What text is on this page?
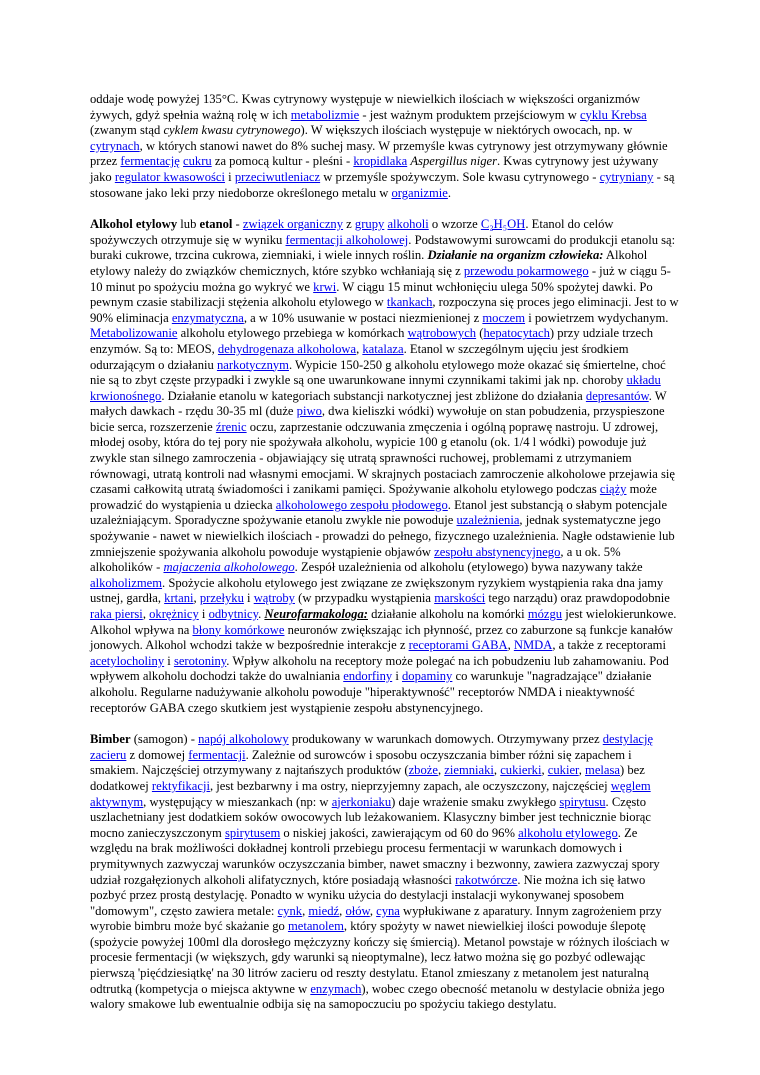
oddaje wodę powyżej 135°C. Kwas cytrynowy występuje w niewielkich ilościach w większości organizmów żywych, gdyż spełnia ważną rolę w ich metabolizmie - jest ważnym produktem przejściowym w cyklu Krebsa (zwanym stąd cyklem kwasu cytrynowego). W większych ilościach występuje w niektórych owocach, np. w cytrynach, w których stanowi nawet do 8% suchej masy. W przemyśle kwas cytrynowy jest otrzymywany głównie przez fermentację cukru za pomocą kultur - pleśni - kropidlaka Aspergillus niger. Kwas cytrynowy jest używany jako regulator kwasowości i przeciwutleniacz w przemyśle spożywczym. Sole kwasu cytrynowego - cytryniany - są stosowane jako leki przy niedoborze określonego metalu w organizmie.

Alkohol etylowy lub etanol - związek organiczny z grupy alkoholi o wzorze C₂H₅OH. Etanol do celów spożywczych otrzymuje się w wyniku fermentacji alkoholowej. Podstawowymi surowcami do produkcji etanolu są: buraki cukrowe, trzcina cukrowa, ziemniaki, i wiele innych roślin. Działanie na organizm człowieka: Alkohol etylowy należy do związków chemicznych, które szybko wchłaniają się z przewodu pokarmowego - już w ciągu 5-10 minut po spożyciu można go wykryć we krwi. W ciągu 15 minut wchłonięciu ulega 50% spożytej dawki. Po pewnym czasie stabilizacji stężenia alkoholu etylowego w tkankach, rozpoczyna się proces jego eliminacji. Jest to w 90% eliminacja enzymatyczna, a w 10% usuwanie w postaci niezmienionej z moczem i powietrzem wydychanym. Metabolizowanie alkoholu etylowego przebiega w komórkach wątrobowych (hepatocytach) przy udziale trzech enzymów. Są to: MEOS, dehydrogenaza alkoholowa, katalaza. Etanol w szczególnym ujęciu jest środkiem odurzającym o działaniu narkotycznym. Wypicie 150-250 g alkoholu etylowego może okazać się śmiertelne, choć nie są to zbyt częste przypadki i zwykle są one uwarunkowane innymi czynnikami takimi jak np. choroby układu krwionośnego. Działanie etanolu w kategoriach substancji narkotycznej jest zbliżone do działania depresantów. W małych dawkach - rzędu 30-35 ml (duże piwo, dwa kieliszki wódki) wywołuje on stan pobudzenia, przyspieszone bicie serca, rozszerzenie źrenic oczu, zaprzestanie odczuwania zmęczenia i ogólną poprawę nastroju. U zdrowej, młodej osoby, która do tej pory nie spożywała alkoholu, wypicie 100 g etanolu (ok. 1/4 l wódki) powoduje już zwykle stan silnego zamroczenia - objawiający się utratą sprawności ruchowej, problemami z utrzymaniem równowagi, utratą kontroli nad własnymi emocjami. W skrajnych postaciach zamroczenie alkoholowe przejawia się czasami całkowitą utratą świadomości i zanikami pamięci. Spożywanie alkoholu etylowego podczas ciąży może prowadzić do wystąpienia u dziecka alkoholowego zespołu płodowego. Etanol jest substancją o słabym potencjale uzależniającym. Sporadyczne spożywanie etanolu zwykle nie powoduje uzależnienia, jednak systematyczne jego spożywanie - nawet w niewielkich ilościach - prowadzi do pełnego, fizycznego uzależnienia. Nagłe odstawienie lub zmniejszenie spożywania alkoholu powoduje wystąpienie objawów zespołu abstynencyjnego, a u ok. 5% alkoholików - majaczenia alkoholowego. Zespół uzależnienia od alkoholu (etylowego) bywa nazywany także alkoholizmem. Spożycie alkoholu etylowego jest związane ze zwiększonym ryzykiem wystąpienia raka dna jamy ustnej, gardła, krtani, przełyku i wątroby (w przypadku wystąpienia marskości tego narządu) oraz prawdopodobnie raka piersi, okrężnicy i odbytnicy. Neurofarmakologa: działanie alkoholu na komórki mózgu jest wielokierunkowe. Alkohol wpływa na błony komórkowe neuronów zwiększając ich płynność, przez co zaburzone są funkcje kanałów jonowych. Alkohol wchodzi także w bezpośrednie interakcje z receptorami GABA, NMDA, a także z receptorami acetylocholiny i serotoniny. Wpływ alkoholu na receptory może polegać na ich pobudzeniu lub zahamowaniu. Pod wpływem alkoholu dochodzi także do uwalniania endorfiny i dopaminy co warunkuje "nagradzające" działanie alkoholu. Regularne nadużywanie alkoholu powoduje "hiperaktywność" receptorów NMDA i nieaktywność receptorów GABA czego skutkiem jest wystąpienie zespołu abstynencyjnego.

Bimber (samogon) - napój alkoholowy produkowany w warunkach domowych. Otrzymywany przez destylację zacieru z domowej fermentacji. Zależnie od surowców i sposobu oczyszczania bimber różni się zapachem i smakiem. Najczęściej otrzymywany z najtańszych produktów (zboże, ziemniaki, cukierki, cukier, melasa) bez dodatkowej rektyfikacji, jest bezbarwny i ma ostry, nieprzyjemny zapach, ale oczyszczony, najczęściej węglem aktywnym, występujący w mieszankach (np: w ajerkoniaku) daje wrażenie smaku zwykłego spirytusu. Często uszlachetniany jest dodatkiem soków owocowych lub leżakowaniem. Klasyczny bimber jest technicznie biorąc mocno zanieczyszczonym spirytusem o niskiej jakości, zawierającym od 60 do 96% alkoholu etylowego. Ze względu na brak możliwości dokładnej kontroli przebiegu procesu fermentacji w warunkach domowych i prymitywnych zazwyczaj warunków oczyszczania bimber, nawet smaczny i bezwonny, zawiera zazwyczaj spory udział rozgałęzionych alkoholi alifatycznych, które posiadają własności rakotwórcze. Nie można ich się łatwo pozbyć przez prostą destylację. Ponadto w wyniku użycia do destylacji instalacji wykonywanej sposobem "domowym", często zawiera metale: cynk, miedź, ołów, cyna wypłukiwane z aparatury. Innym zagrożeniem przy wyrobie bimbru może być skażanie go metanolem, który spożyty w nawet niewielkiej ilości powoduje ślepotę (spożycie powyżej 100ml dla dorosłego mężczyzny kończy się śmiercią). Metanol powstaje w różnych ilościach w procesie fermentacji (w większych, gdy warunki są nieoptymalne), lecz łatwo można się go pozbyć odlewając pierwszą 'pięćdziesiątkę' na 30 litrów zacieru od reszty destylatu. Etanol zmieszany z metanolem jest naturalną odtrutką (kompetycja o miejsca aktywne w enzymach), wobec czego obecność metanolu w destylacie obniża jego walory smakowe lub ewentualnie odbija się na samopoczuciu po spożyciu takiego destylatu.
